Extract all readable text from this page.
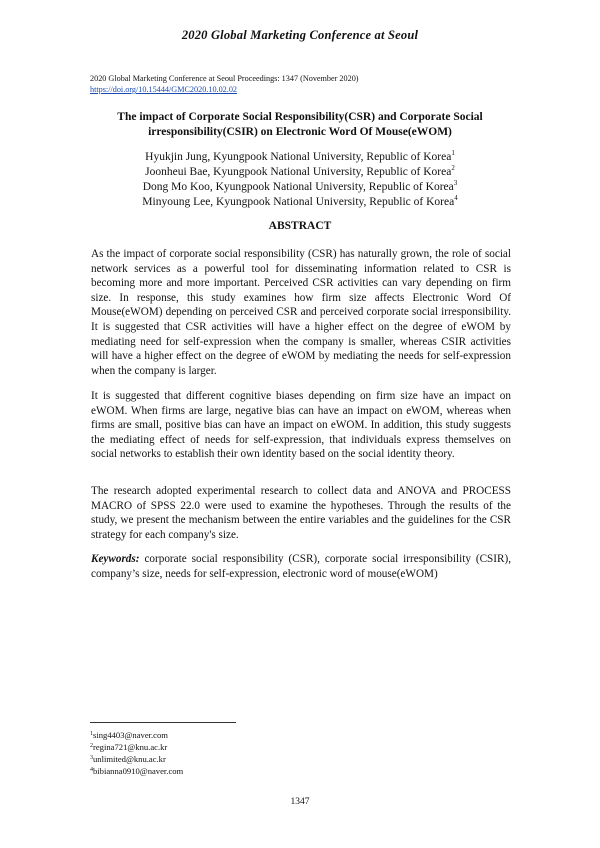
2020 Global Marketing Conference at Seoul
2020 Global Marketing Conference at Seoul Proceedings: 1347 (November 2020)
https://doi.org/10.15444/GMC2020.10.02.02
The impact of Corporate Social Responsibility(CSR) and Corporate Social
irresponsibility(CSIR) on Electronic Word Of Mouse(eWOM)
Hyukjin Jung, Kyungpook National University, Republic of Korea$^1$
Joonheui Bae, Kyungpook National University, Republic of Korea$^2$
Dong Mo Koo, Kyungpook National University, Republic of Korea$^3$
Minyoung Lee, Kyungpook National University, Republic of Korea$^4$
ABSTRACT

As the impact of corporate social responsibility (CSR) has naturally grown, the role of social network services as a powerful tool for disseminating information related to CSR is becoming more and more important. Perceived CSR activities can vary depending on firm size. In response, this study examines how firm size affects Electronic Word Of Mouse(eWOM) depending on perceived CSR and perceived corporate social irresponsibility. It is suggested that CSR activities will have a higher effect on the degree of eWOM by mediating need for self-expression when the company is smaller, whereas CSIR activities will have a higher effect on the degree of eWOM by mediating the needs for self-expression when the company is larger.

It is suggested that different cognitive biases depending on firm size have an impact on eWOM. When firms are large, negative bias can have an impact on eWOM, whereas when firms are small, positive bias can have an impact on eWOM. In addition, this study suggests the mediating effect of needs for self-expression, that individuals express themselves on social networks to establish their own identity based on the social identity theory.

The research adopted experimental research to collect data and ANOVA and PROCESS MACRO of SPSS 22.0 were used to examine the hypotheses. Through the results of the study, we present the mechanism between the entire variables and the guidelines for the CSR strategy for each company's size.

Keywords: corporate social responsibility (CSR), corporate social irresponsibility (CSIR), company’s size, needs for self-expression, electronic word of mouse(eWOM)

$^1$sing4403@naver.com
$^2$regina721@knu.ac.kr
$^3$unlimited@knu.ac.kr
$^4$bibianna0910@naver.com
1347
